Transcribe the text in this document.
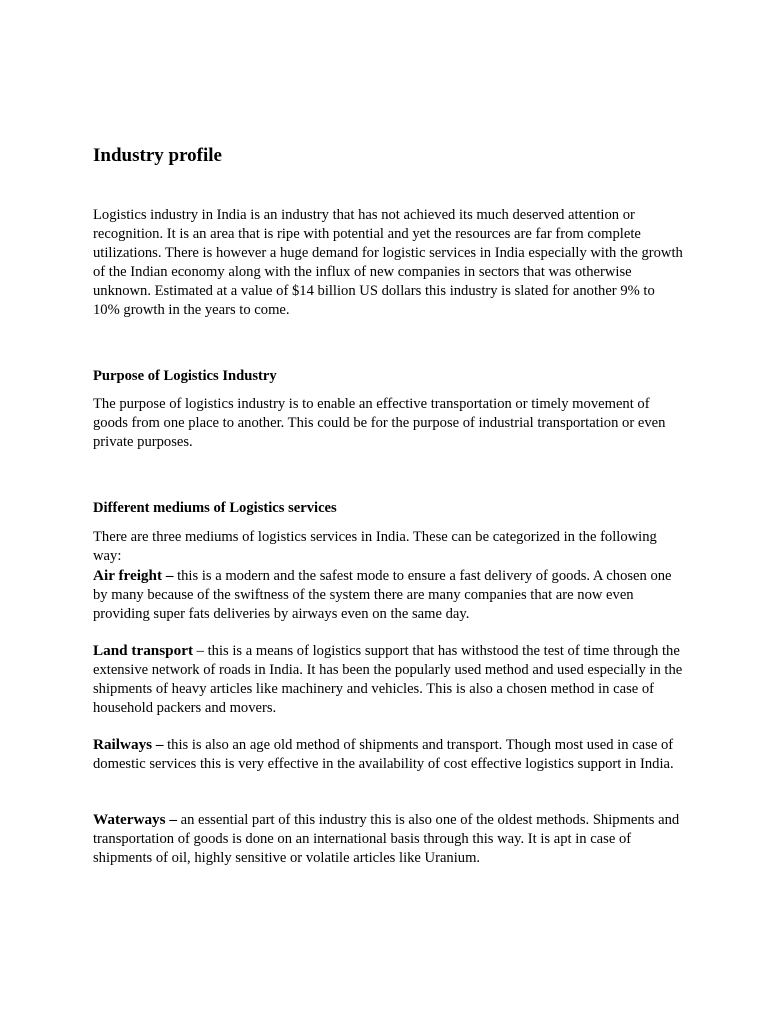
Industry profile

Logistics industry in India is an industry that has not achieved its much deserved attention or recognition. It is an area that is ripe with potential and yet the resources are far from complete utilizations. There is however a huge demand for logistic services in India especially with the growth of the Indian economy along with the influx of new companies in sectors that was otherwise unknown. Estimated at a value of $14 billion US dollars this industry is slated for another 9% to 10% growth in the years to come.

Purpose of Logistics Industry

The purpose of logistics industry is to enable an effective transportation or timely movement of goods from one place to another. This could be for the purpose of industrial transportation or even private purposes.

Different mediums of Logistics services
There are three mediums of logistics services in India. These can be categorized in the following way:
Air freight – this is a modern and the safest mode to ensure a fast delivery of goods. A chosen one by many because of the swiftness of the system there are many companies that are now even providing super fats deliveries by airways even on the same day.

Land transport – this is a means of logistics support that has withstood the test of time through the extensive network of roads in India. It has been the popularly used method and used especially in the shipments of heavy articles like machinery and vehicles. This is also a chosen method in case of household packers and movers.

Railways – this is also an age old method of shipments and transport. Though most used in case of domestic services this is very effective in the availability of cost effective logistics support in India.

Waterways – an essential part of this industry this is also one of the oldest methods. Shipments and transportation of goods is done on an international basis through this way. It is apt in case of shipments of oil, highly sensitive or volatile articles like Uranium.
